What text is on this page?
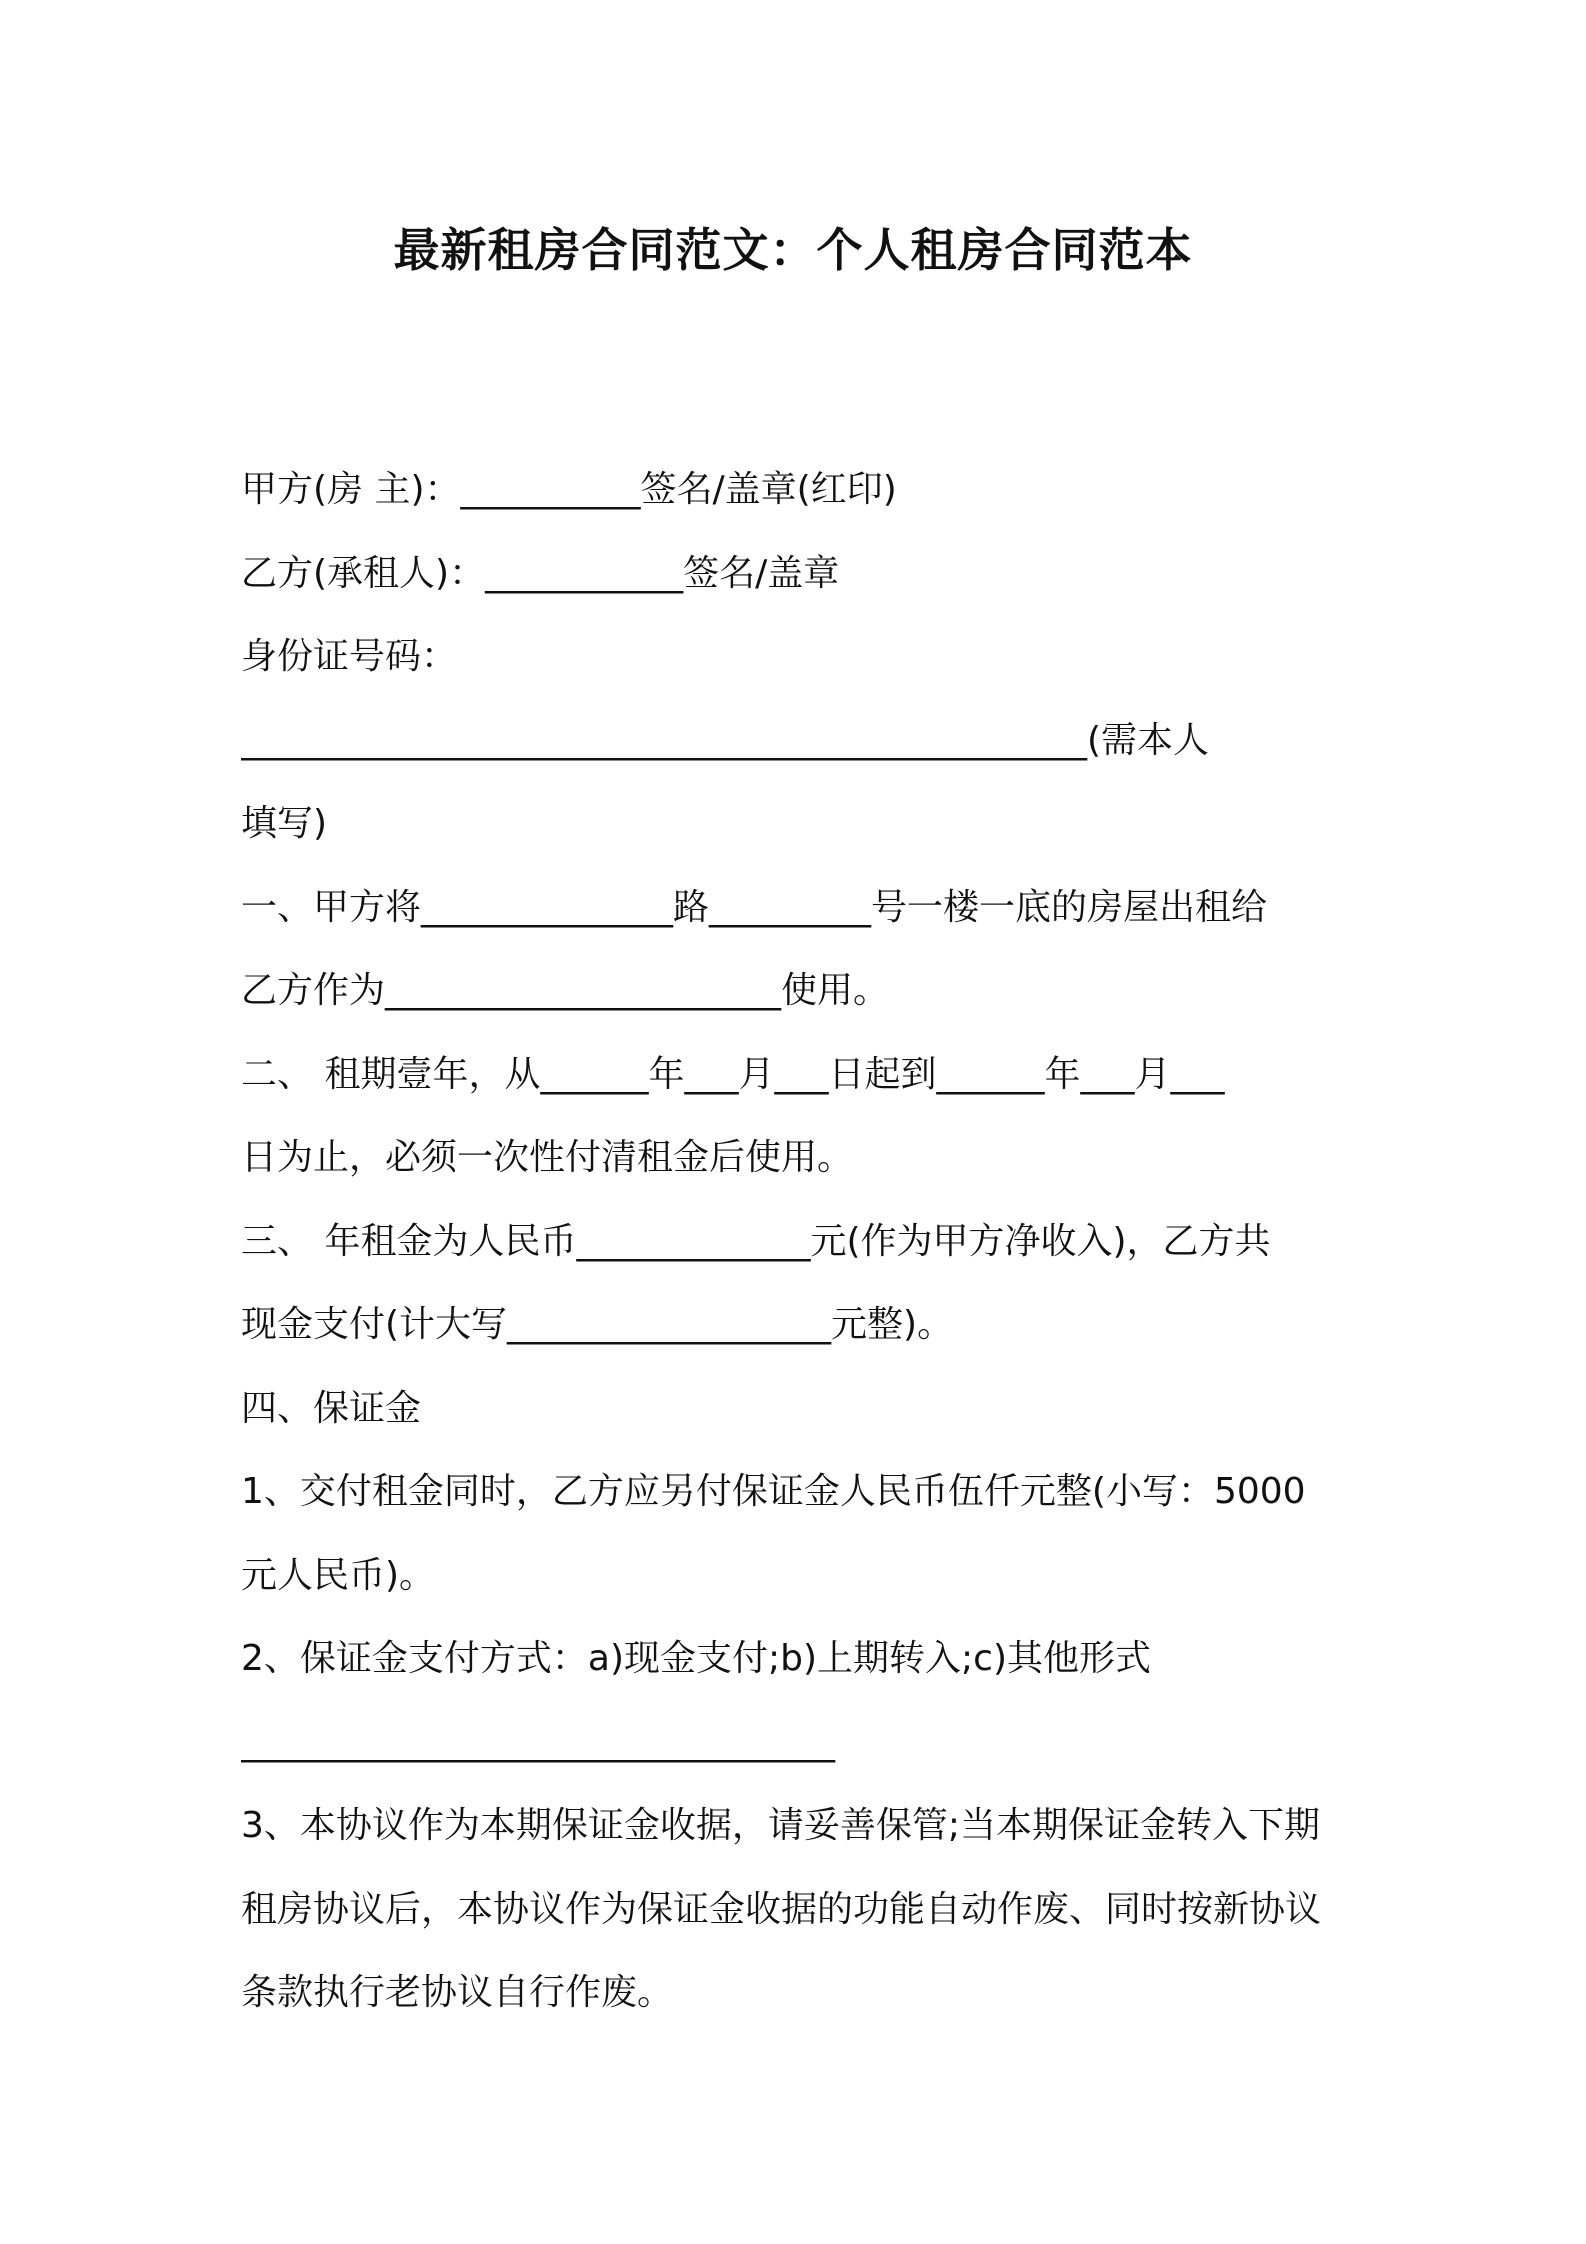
最新租房合同范文：个人租房合同范本
甲方(房 主)：__________签名/盖章(红印)
乙方(承租人)：___________签名/盖章
身份证号码：
_______________________________________________(需本人
填写)
一、甲方将______________路_________号一楼一底的房屋出租给
乙方作为______________________使用。
二、 租期壹年，从______年___月___日起到______年___月___
日为止，必须一次性付清租金后使用。
三、 年租金为人民币_____________元(作为甲方净收入)，乙方共
现金支付(计大写__________________元整)。
四、保证金
1、交付租金同时，乙方应另付保证金人民币伍仟元整(小写：5000
元人民币)。
2、保证金支付方式：a)现金支付;b)上期转入;c)其他形式
_________________________________
3、本协议作为本期保证金收据，请妥善保管;当本期保证金转入下期
租房协议后，本协议作为保证金收据的功能自动作废、同时按新协议
条款执行老协议自行作废。
